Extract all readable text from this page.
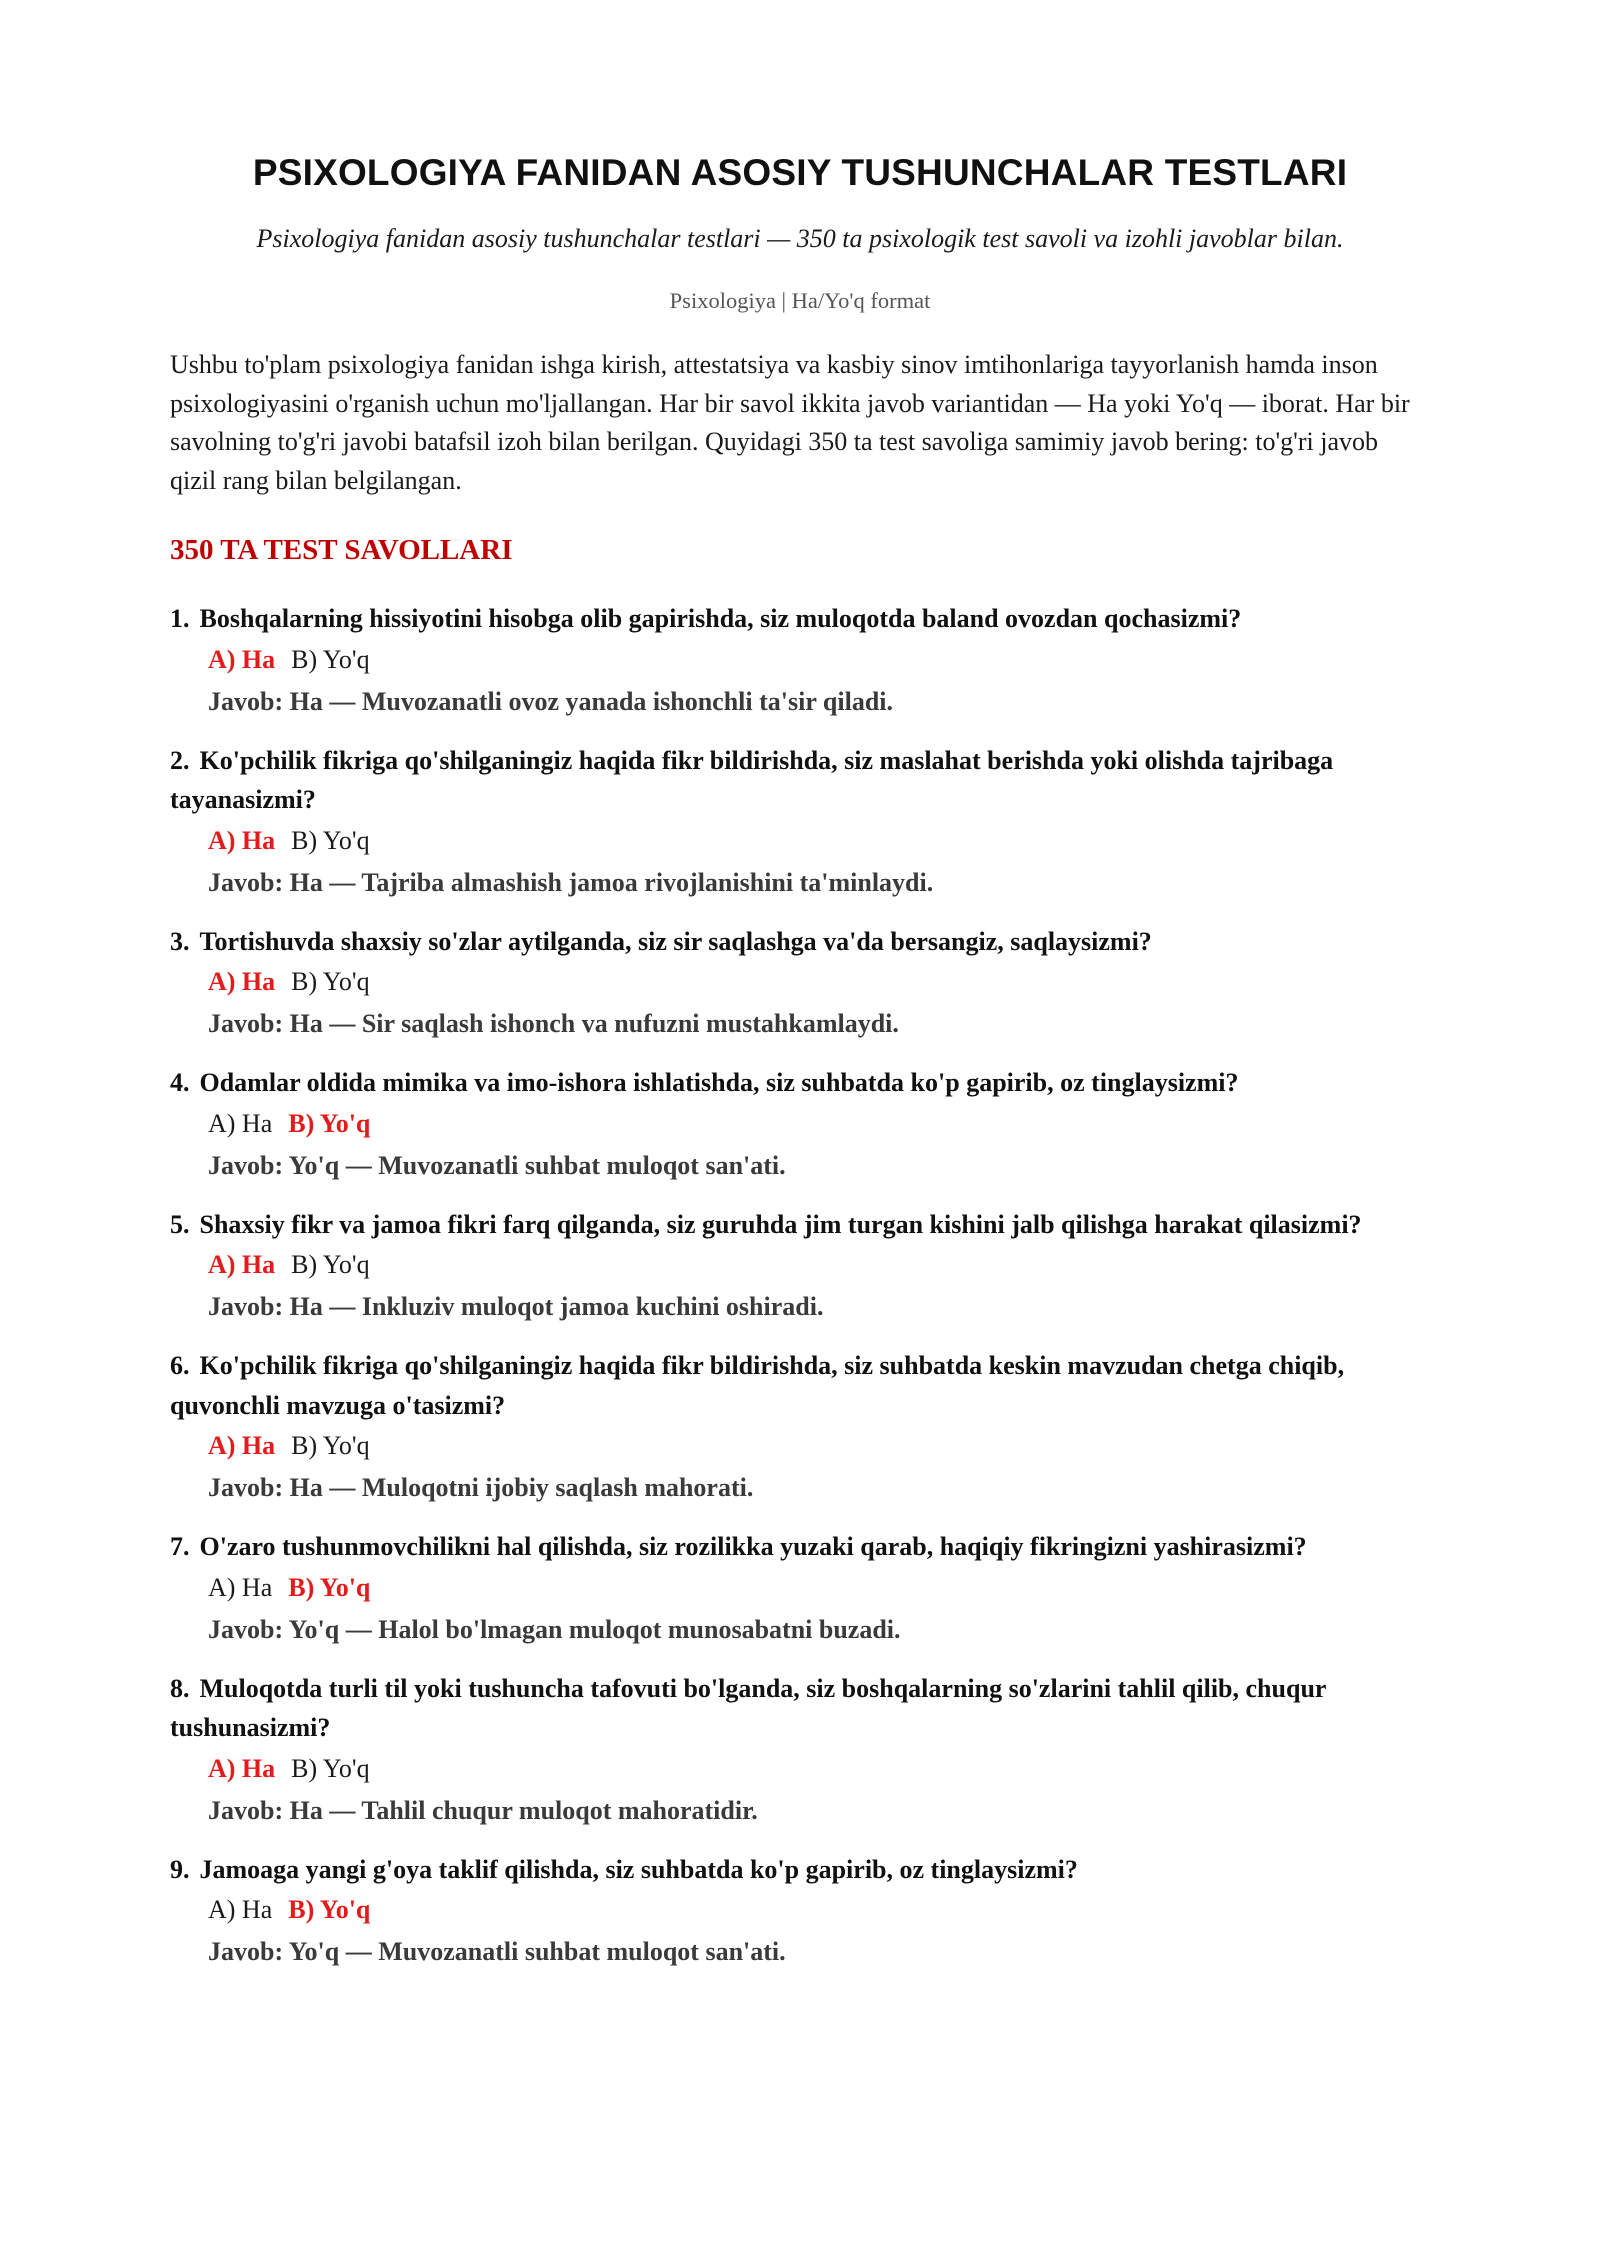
PSIXOLOGIYA FANIDAN ASOSIY TUSHUNCHALAR TESTLARI

Psixologiya fanidan asosiy tushunchalar testlari — 350 ta psixologik test savoli va izohli javoblar bilan.

Psixologiya | Ha/Yo'q format

Ushbu to'plam psixologiya fanidan ishga kirish, attestatsiya va kasbiy sinov imtihonlariga tayyorlanish hamda inson psixologiyasini o'rganish uchun mo'ljallangan. Har bir savol ikkita javob variantidan — Ha yoki Yo'q — iborat. Har bir savolning to'g'ri javobi batafsil izoh bilan berilgan. Quyidagi 350 ta test savoliga samimiy javob bering: to'g'ri javob qizil rang bilan belgilangan.

350 TA TEST SAVOLLARI
1. Boshqalarning hissiyotini hisobga olib gapirishda, siz muloqotda baland ovozdan qochasizmi?
A) Ha B) Yo'q
Javob: Ha — Muvozanatli ovoz yanada ishonchli ta'sir qiladi.
2. Ko'pchilik fikriga qo'shilganingiz haqida fikr bildirishda, siz maslahat berishda yoki olishda tajribaga tayanasizmi?
A) Ha B) Yo'q
Javob: Ha — Tajriba almashish jamoa rivojlanishini ta'minlaydi.
3. Tortishuvda shaxsiy so'zlar aytilganda, siz sir saqlashga va'da bersangiz, saqlaysizmi?
A) Ha B) Yo'q
Javob: Ha — Sir saqlash ishonch va nufuzni mustahkamlaydi.
4. Odamlar oldida mimika va imo-ishora ishlatishda, siz suhbatda ko'p gapirib, oz tinglaysizmi?
A) Ha B) Yo'q
Javob: Yo'q — Muvozanatli suhbat muloqot san'ati.
5. Shaxsiy fikr va jamoa fikri farq qilganda, siz guruhda jim turgan kishini jalb qilishga harakat qilasizmi?
A) Ha B) Yo'q
Javob: Ha — Inkluziv muloqot jamoa kuchini oshiradi.
6. Ko'pchilik fikriga qo'shilganingiz haqida fikr bildirishda, siz suhbatda keskin mavzudan chetga chiqib, quvonchli mavzuga o'tasizmi?
A) Ha B) Yo'q
Javob: Ha — Muloqotni ijobiy saqlash mahorati.
7. O'zaro tushunmovchilikni hal qilishda, siz rozilikka yuzaki qarab, haqiqiy fikringizni yashirasizmi?
A) Ha B) Yo'q
Javob: Yo'q — Halol bo'lmagan muloqot munosabatni buzadi.
8. Muloqotda turli til yoki tushuncha tafovuti bo'lganda, siz boshqalarning so'zlarini tahlil qilib, chuqur tushunasizmi?
A) Ha B) Yo'q
Javob: Ha — Tahlil chuqur muloqot mahoratidir.
9. Jamoaga yangi g'oya taklif qilishda, siz suhbatda ko'p gapirib, oz tinglaysizmi?
A) Ha B) Yo'q
Javob: Yo'q — Muvozanatli suhbat muloqot san'ati.
